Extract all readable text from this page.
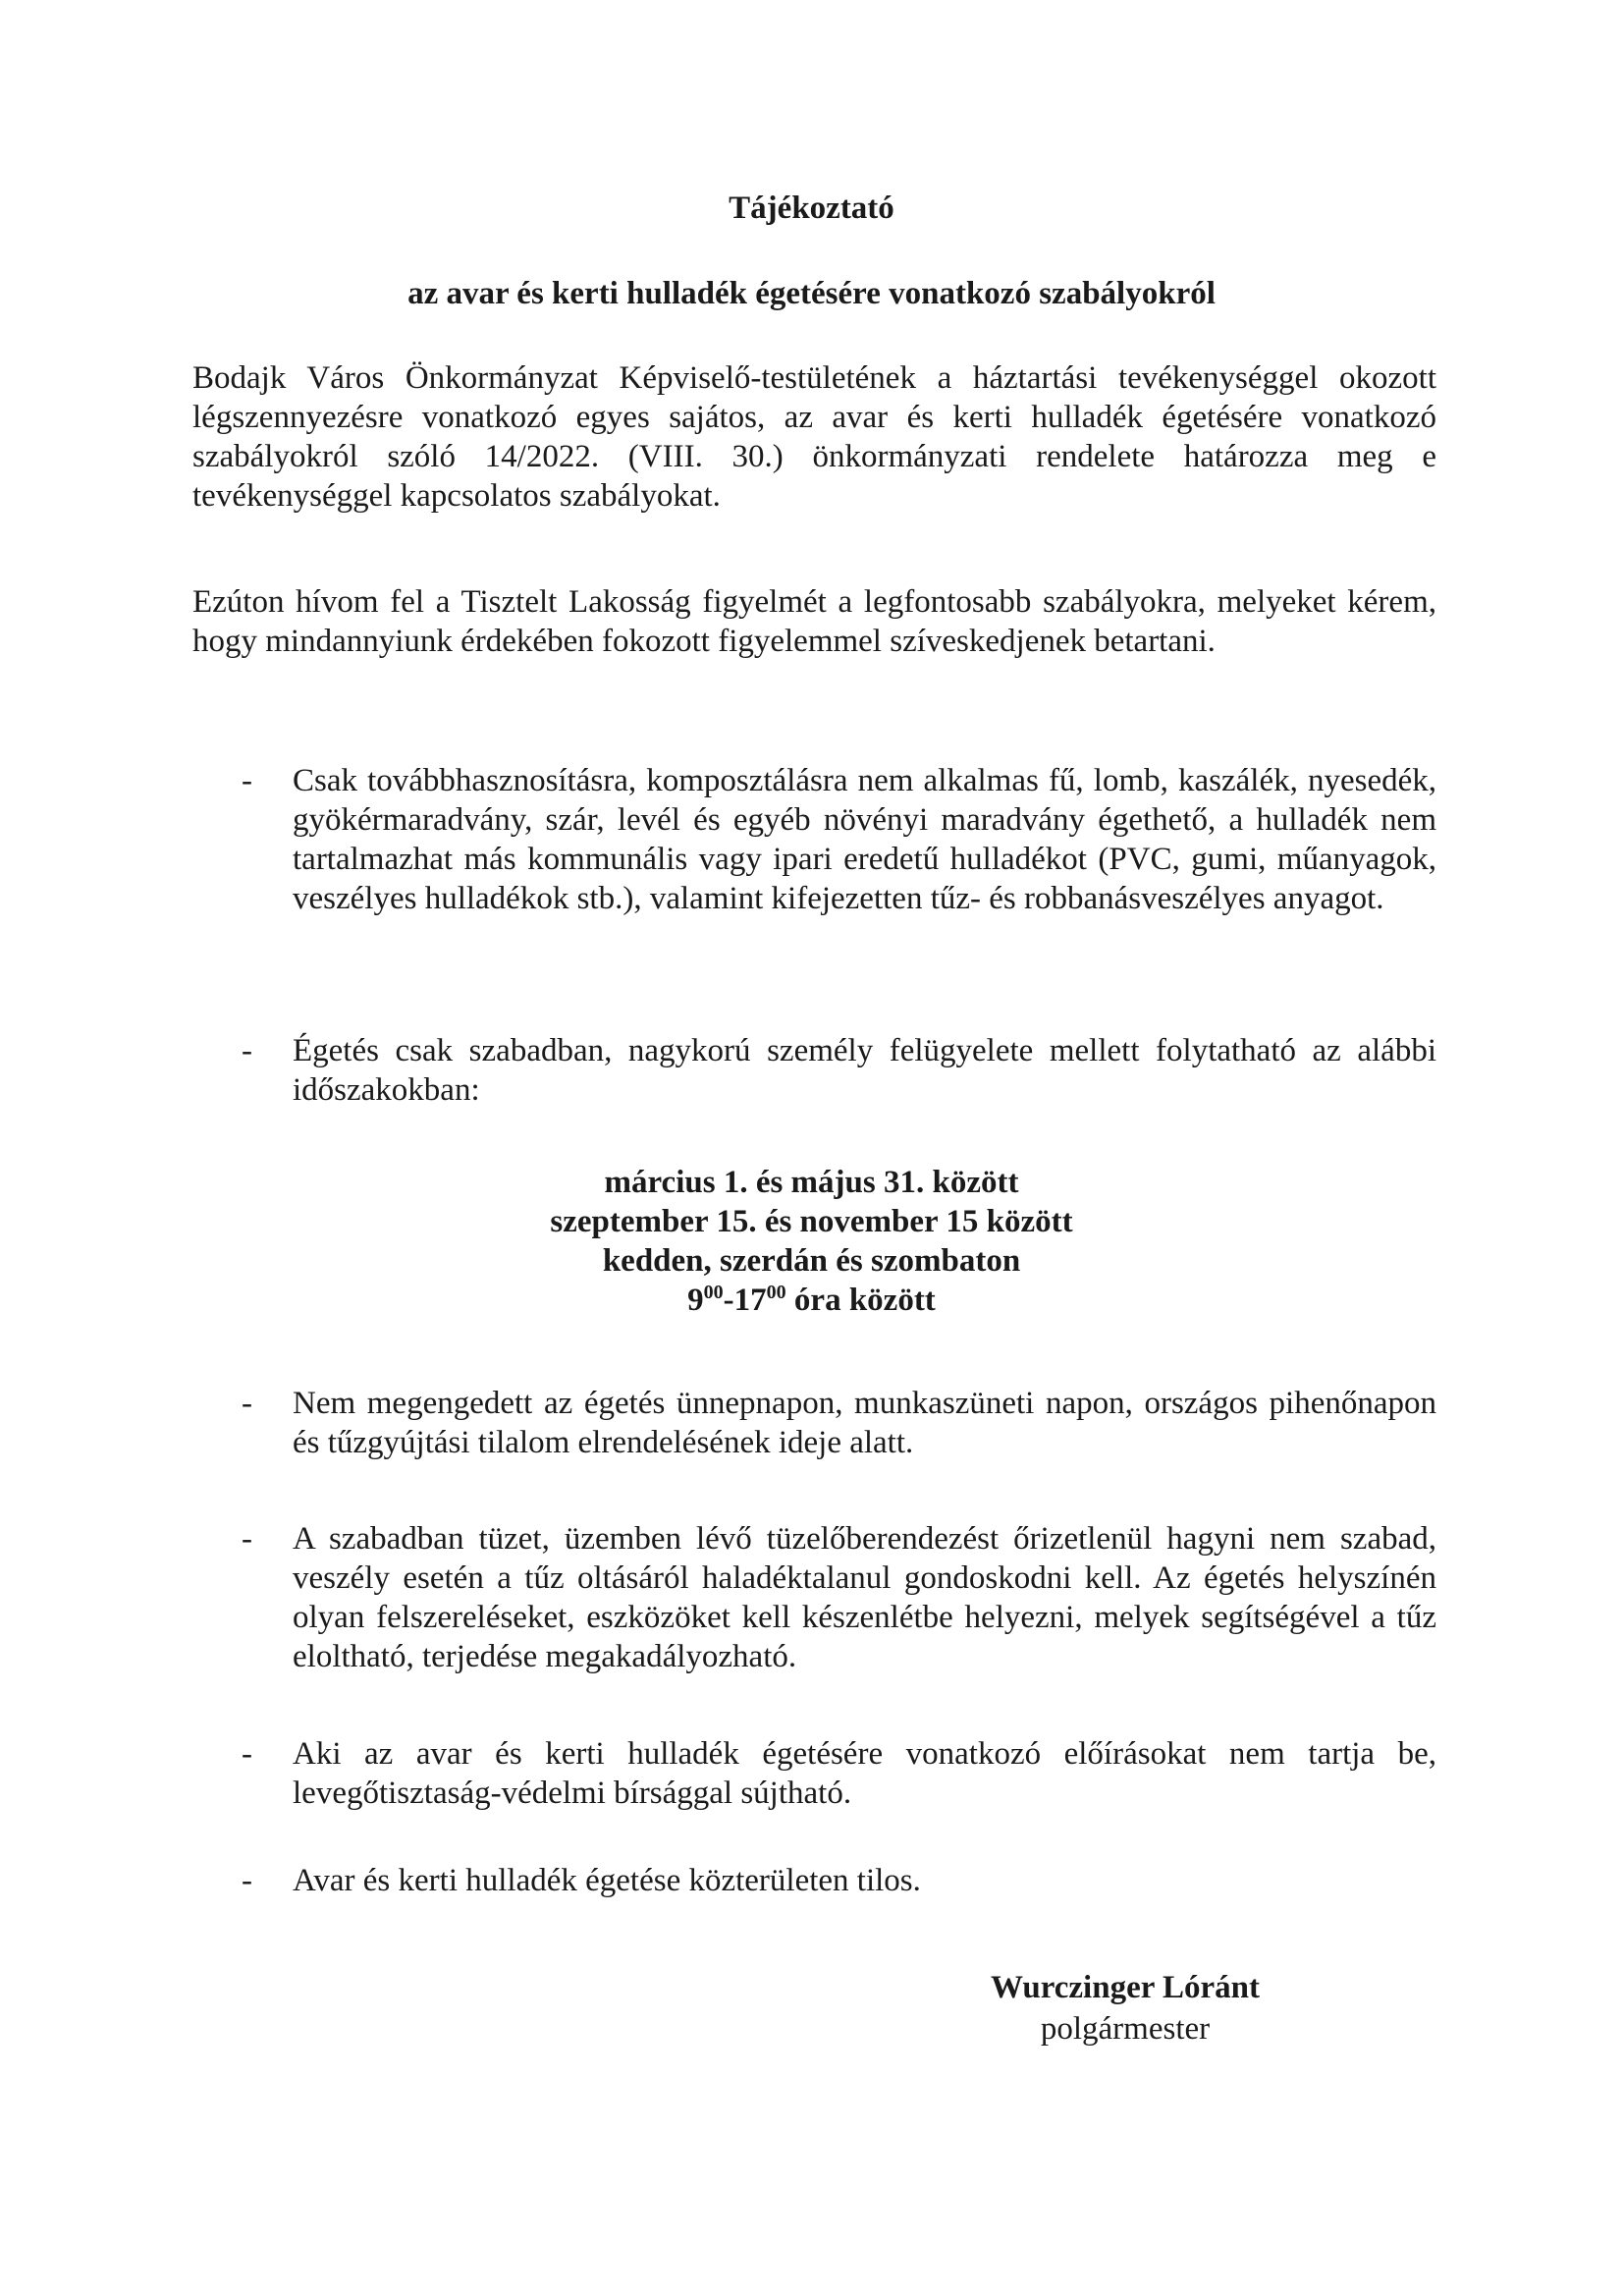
Tájékoztató
az avar és kerti hulladék égetésére vonatkozó szabályokról
Bodajk Város Önkormányzat Képviselő-testületének a háztartási tevékenységgel okozott légszennyezésre vonatkozó egyes sajátos, az avar és kerti hulladék égetésére vonatkozó szabályokról szóló 14/2022. (VIII. 30.) önkormányzati rendelete határozza meg e tevékenységgel kapcsolatos szabályokat.
Ezúton hívom fel a Tisztelt Lakosság figyelmét a legfontosabb szabályokra, melyeket kérem, hogy mindannyiunk érdekében fokozott figyelemmel szíveskedjenek betartani.
- Csak továbbhasznosításra, komposztálásra nem alkalmas fű, lomb, kaszálék, nyesedék, gyökérmaradvány, szár, levél és egyéb növényi maradvány égethető, a hulladék nem tartalmazhat más kommunális vagy ipari eredetű hulladékot (PVC, gumi, műanyagok, veszélyes hulladékok stb.), valamint kifejezetten tűz- és robbanásveszélyes anyagot.
- Égetés csak szabadban, nagykorú személy felügyelete mellett folytatható az alábbi időszakokban:
március 1. és május 31. között
szeptember 15. és november 15 között
kedden, szerdán és szombaton
$9^{00}-17^{00}$ óra között
- Nem megengedett az égetés ünnepnapon, munkaszüneti napon, országos pihenőnapon és tűzgyújtási tilalom elrendelésének ideje alatt.
- A szabadban tüzet, üzemben lévő tüzelőberendezést őrizetlenül hagyni nem szabad, veszély esetén a tűz oltásáról haladéktalanul gondoskodni kell. Az égetés helyszínén olyan felszereléseket, eszközöket kell készenlétbe helyezni, melyek segítségével a tűz eloltható, terjedése megakadályozható.
- Aki az avar és kerti hulladék égetésére vonatkozó előírásokat nem tartja be, levegőtisztaság-védelmi bírsággal sújtható.
- Avar és kerti hulladék égetése közterületen tilos.
Wurczinger Lóránt
polgármester
